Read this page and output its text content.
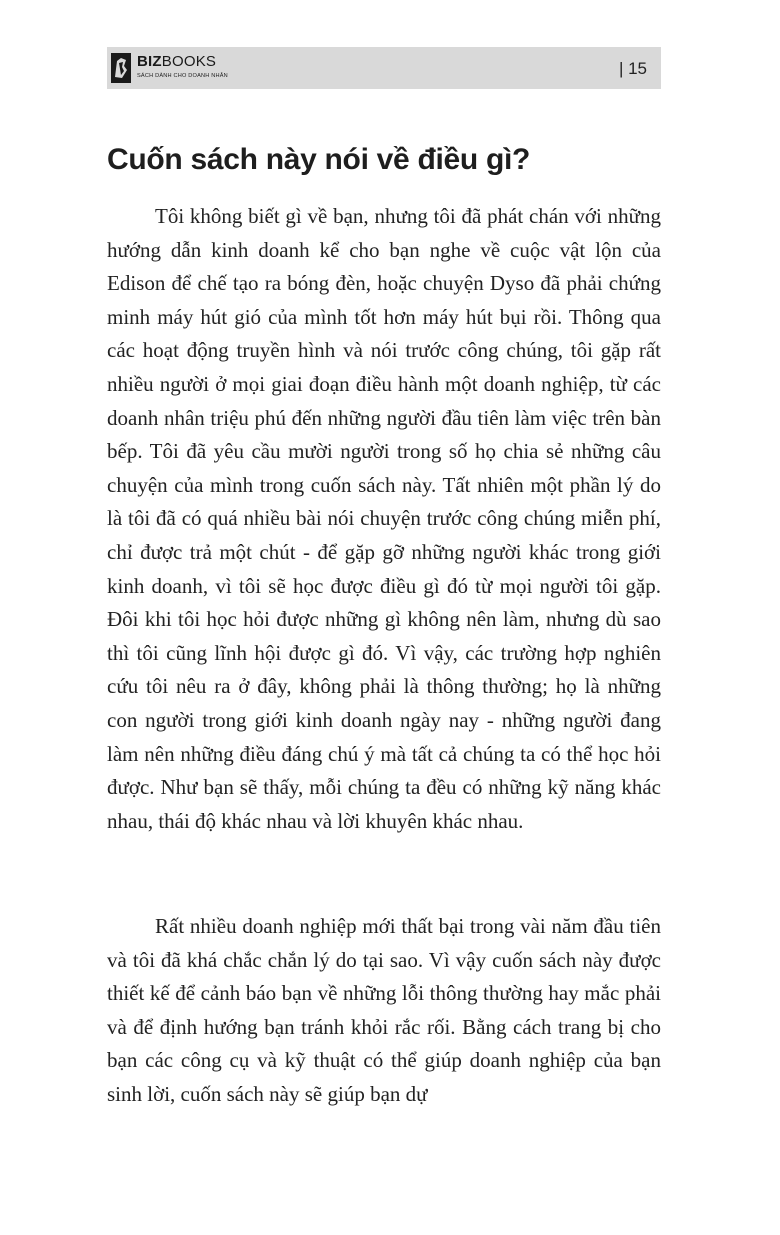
BIZBOOKS
SÁCH DÀNH CHO DOANH NHÂN	| 15
Cuốn sách này nói về điều gì?

Tôi không biết gì về bạn, nhưng tôi đã phát chán với những hướng dẫn kinh doanh kể cho bạn nghe về cuộc vật lộn của Edison để chế tạo ra bóng đèn, hoặc chuyện Dyso đã phải chứng minh máy hút gió của mình tốt hơn máy hút bụi rồi. Thông qua các hoạt động truyền hình và nói trước công chúng, tôi gặp rất nhiều người ở mọi giai đoạn điều hành một doanh nghiệp, từ các doanh nhân triệu phú đến những người đầu tiên làm việc trên bàn bếp. Tôi đã yêu cầu mười người trong số họ chia sẻ những câu chuyện của mình trong cuốn sách này. Tất nhiên một phần lý do là tôi đã có quá nhiều bài nói chuyện trước công chúng miễn phí, chỉ được trả một chút - để gặp gỡ những người khác trong giới kinh doanh, vì tôi sẽ học được điều gì đó từ mọi người tôi gặp. Đôi khi tôi học hỏi được những gì không nên làm, nhưng dù sao thì tôi cũng lĩnh hội được gì đó. Vì vậy, các trường hợp nghiên cứu tôi nêu ra ở đây, không phải là thông thường; họ là những con người trong giới kinh doanh ngày nay - những người đang làm nên những điều đáng chú ý mà tất cả chúng ta có thể học hỏi được. Như bạn sẽ thấy, mỗi chúng ta đều có những kỹ năng khác nhau, thái độ khác nhau và lời khuyên khác nhau.

Rất nhiều doanh nghiệp mới thất bại trong vài năm đầu tiên và tôi đã khá chắc chắn lý do tại sao. Vì vậy cuốn sách này được thiết kế để cảnh báo bạn về những lỗi thông thường hay mắc phải và để định hướng bạn tránh khỏi rắc rối. Bằng cách trang bị cho bạn các công cụ và kỹ thuật có thể giúp doanh nghiệp của bạn sinh lời, cuốn sách này sẽ giúp bạn dự
